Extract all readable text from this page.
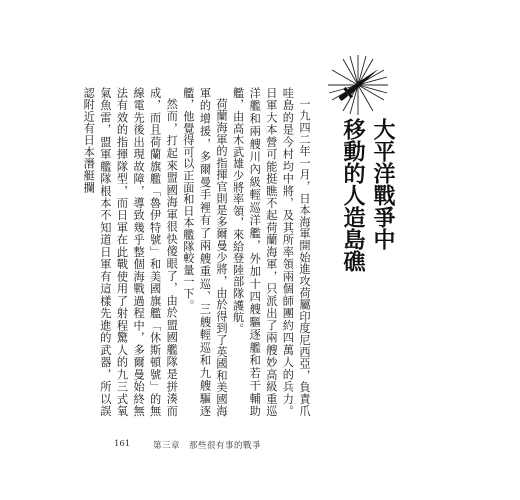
大平洋戰爭中
移動的人造島礁

一九四二年一月，日本海軍開始進攻荷屬印度尼西亞，負責爪哇島的是今村均中將，及其所率領兩個師團約四萬人的兵力。日軍大本營可能挺瞧不起荷蘭海軍，只派出了兩艘妙高級重巡洋艦和兩艘川內級輕巡洋艦，外加十四艘驅逐艦和若干輔助艦，由高木武雄少將率領，來給登陸部隊護航。

荷蘭海軍的指揮官則是多爾曼少將，由於得到了英國和美國海軍的增援，多爾曼手裡有了兩艘重巡、三艘輕巡和九艘驅逐艦，他覺得可以正面和日本艦隊較量一下。

然而，打起來盟國海軍很快傻眼了，由於盟國艦隊是拼湊而成，而且荷蘭旗艦「魯伊特號」和美國旗艦「休斯頓號」的無線電先後出現故障，導致幾乎整個海戰過程中，多爾曼始終無法有效的指揮隊型，而日軍在此戰使用了射程驚人的九三式氧氣魚雷，盟軍艦隊根本不知道日軍有這樣先進的武器，所以誤認附近有日本潛艇攔

161	第三章　那些很有事的戰爭
